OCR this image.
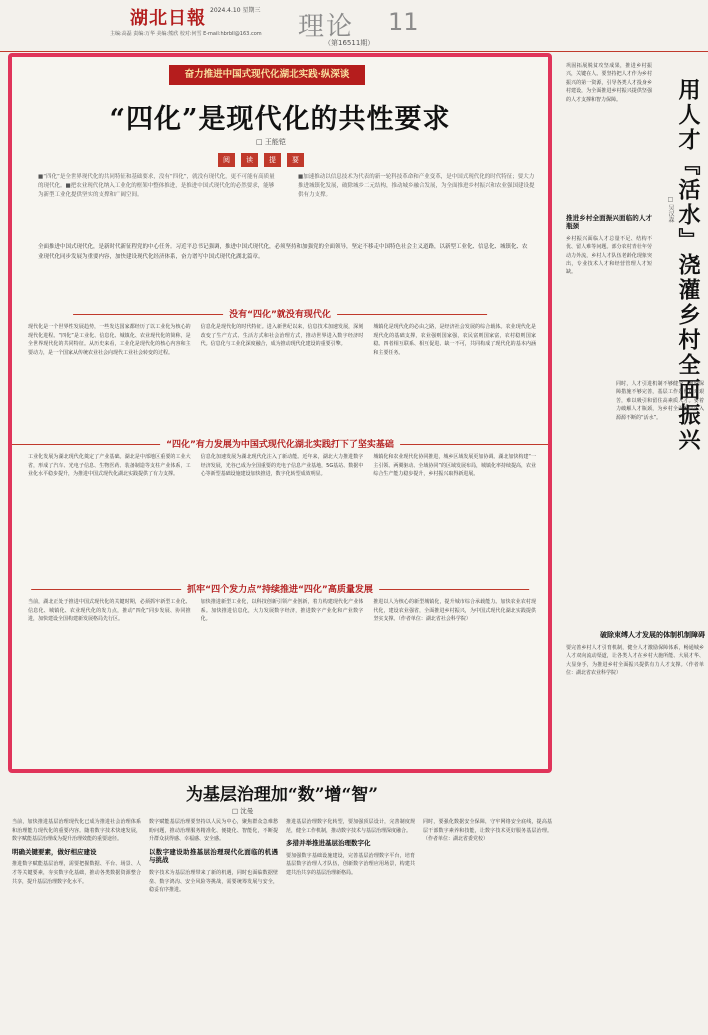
湖北日報 2024.4.10 星期三
主编:高磊 责编:万华 美编:熊欣 校对:何雪 E-mail:hbrbll@163.com 理论 11
（第16511期）
奋力推进中国式现代化湖北实践·纵深谈
“四化”是现代化的共性要求
□ 王能铠
阅	读	提	要
■“四化”是全世界现代化的共同特征和基础要求，没有“四化”，就没有现代化，更不可能有高质量的现代化。■把农业现代化纳入工业化的框架中整体推进，是推进中国式现代化的必然要求，能够为新型工业化提供坚实的支撑和广阔空间。
■加速推动以信息技术为代表的新一轮科技革命和产业变革，是中国式现代化的时代特征；要大力推进城镇化发展，破除城乡二元结构，推动城乡融合发展，为全面推进乡村振兴和农业强国建设提供有力支撑。
全面推进中国式现代化，是新时代新征程党的中心任务。习近平总书记强调，推进中国式现代化，必须坚持和加强党的全面领导，坚定不移走中国特色社会主义道路，以新型工业化、信息化、城镇化、农业现代化同步发展为重要内容，加快建设现代化经济体系，奋力谱写中国式现代化湖北篇章。
没有“四化”就没有现代化
现代化是一个世界性发展趋势，一些发达国家都经历了以工业化为核心的现代化进程。“四化”是工业化、信息化、城镇化、农业现代化的简称，是全世界现代化的共同特征。从历史来看，工业化是现代化的核心内容和主要动力，是一个国家从传统农业社会向现代工业社会转变的过程。
信息化是现代化的时代特征。进入新世纪以来，信息技术加速发展，深刻改变了生产方式、生活方式和社会治理方式，推动世界进入数字经济时代。信息化与工业化深度融合，成为推动现代化建设的重要引擎。
城镇化是现代化的必由之路，是经济社会发展的综合载体。农业现代化是现代化的基础支撑，农业强则国家强，农民富则国家富，农村稳则国家稳。四者相互联系、相互促进、缺一不可，共同构成了现代化的基本内涵和主要任务。
“四化”有力发展为中国式现代化湖北实践打下了坚实基础
工业化发展为湖北现代化奠定了产业基础。湖北是中部地区重要的工业大省，形成了汽车、光电子信息、生物医药、装备制造等支柱产业体系，工业化水平稳步提升，为推进中国式现代化湖北实践提供了有力支撑。
信息化加速发展为湖北现代化注入了新动能。近年来，湖北大力推进数字经济发展，光谷已成为全国重要的光电子信息产业基地，5G基站、数据中心等新型基础设施建设加快推进，数字化转型成效明显。
城镇化和农业现代化协同推进，城乡区域发展更加协调。湖北加快构建“一主引领、两翼驱动、全域协同”的区域发展布局，城镇化率持续提高，农业综合生产能力稳步提升，乡村振兴取得新进展。
抓牢“四个发力点”持续推进“四化”高质量发展
当前，湖北正处于推进中国式现代化的关键时期，必须抓牢新型工业化、信息化、城镇化、农业现代化的发力点，推动“四化”同步发展、协同推进，加快建设全国构建新发展格局先行区。
加快推进新型工业化，以科技创新引领产业创新，着力构建现代化产业体系。加快推进信息化，大力发展数字经济，推进数字产业化和产业数字化。
推进以人为核心的新型城镇化，提升城市综合承载能力。加快农业农村现代化，建设农业强省，全面推进乡村振兴，为中国式现代化湖北实践提供坚实支撑。（作者单位：湖北省社会科学院）
为基层治理加“数”增“智”
□ 沈曼
当前，加快推进基层治理现代化已成为推进社会治理体系和治理能力现代化的重要内容。随着数字技术快速发展，数字赋能基层治理成为提升治理效能的重要途径。
明确关键要素，做好相应建设
推进数字赋能基层治理，需要把握数据、平台、场景、人才等关键要素，夯实数字化基础，推动各类数据资源整合共享，提升基层治理数字化水平。
数字赋能基层治理要坚持以人民为中心，聚焦群众急难愁盼问题，推动治理服务精准化、便捷化、智能化，不断提升群众获得感、幸福感、安全感。
以数字建设助推基层治理现代化面临的机遇与挑战
数字技术为基层治理带来了新的机遇，同时也面临数据壁垒、数字鸿沟、安全风险等挑战，需要统筹发展与安全，稳妥有序推进。
推进基层治理数字化转型，要加强顶层设计，完善制度规范，健全工作机制，推动数字技术与基层治理深度融合。
多措并举推进基层治理数字化
要加强数字基础设施建设，完善基层治理数字平台，培育基层数字治理人才队伍，创新数字治理应用场景，构建共建共治共享的基层治理新格局。
同时，要强化数据安全保障，守牢网络安全底线，提高基层干部数字素养和技能，让数字技术更好服务基层治理。（作者单位：湖北省委党校）
巩固拓展脱贫攻坚成果，推进乡村振兴，关键在人。要坚持把人才作为乡村振兴的第一资源，引导各类人才投身乡村建设，为全面推进乡村振兴提供坚强的人才支撑和智力保障。	用人才『活水』浇灌乡村全面振兴
□ 吴汉森
推进乡村全面振兴面临的人才瓶颈
乡村振兴面临人才总量不足、结构不优、留人难等问题。部分农村青壮年劳动力外流，乡村人才队伍老龄化现象突出，专业技术人才和经营管理人才短缺。
同时，人才引进机制不够健全，激励保障措施不够完善，基层工作条件相对艰苦，难以吸引和留住高素质人才。要着力破解人才瓶颈，为乡村全面振兴注入源源不断的“活水”。
破除束缚人才发展的体制机制障碍
要完善乡村人才引育机制，健全人才激励保障体系，畅通城乡人才双向流动渠道，让各类人才在乡村大施所能、大展才华、大显身手，为推进乡村全面振兴提供有力人才支撑。（作者单位：湖北省农业科学院）
